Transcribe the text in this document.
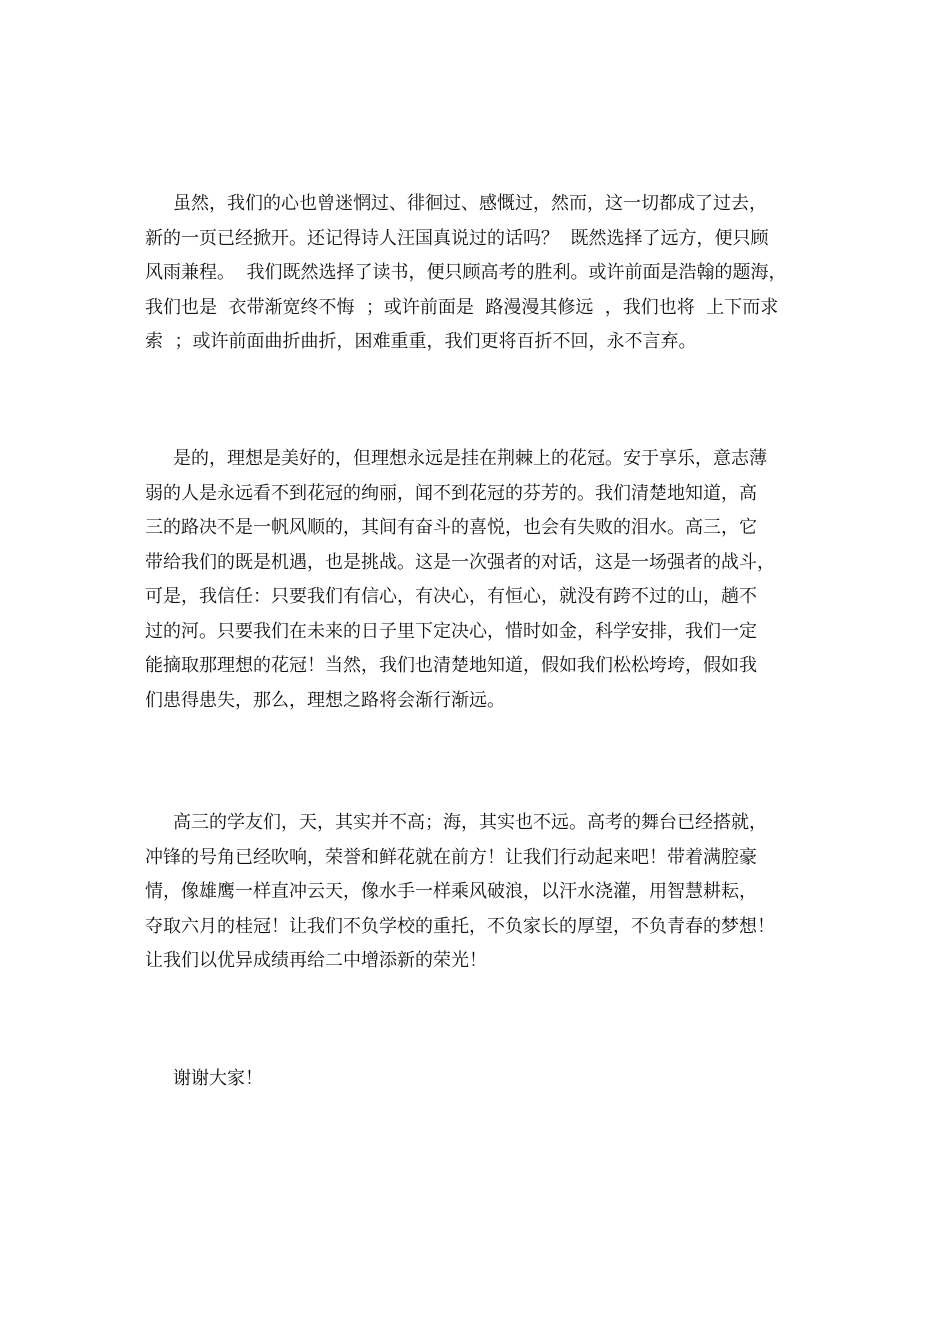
虽然，我们的心也曾迷惘过、徘徊过、感慨过，然而，这一切都成了过去，
新的一页已经掀开。还记得诗人汪国真说过的话吗？  既然选择了远方，便只顾
风雨兼程。  我们既然选择了读书，便只顾高考的胜利。或许前面是浩翰的题海，
我们也是  衣带渐宽终不悔  ；或许前面是  路漫漫其修远  ，我们也将  上下而求
索  ；或许前面曲折曲折，困难重重，我们更将百折不回，永不言弃。
是的，理想是美好的，但理想永远是挂在荆棘上的花冠。安于享乐，意志薄
弱的人是永远看不到花冠的绚丽，闻不到花冠的芬芳的。我们清楚地知道，高
三的路决不是一帆风顺的，其间有奋斗的喜悦，也会有失败的泪水。高三，它
带给我们的既是机遇，也是挑战。这是一次强者的对话，这是一场强者的战斗，
可是，我信任：只要我们有信心，有决心，有恒心，就没有跨不过的山，趟不
过的河。只要我们在未来的日子里下定决心，惜时如金，科学安排，我们一定
能摘取那理想的花冠！当然，我们也清楚地知道，假如我们松松垮垮，假如我
们患得患失，那么，理想之路将会渐行渐远。
高三的学友们，天，其实并不高；海，其实也不远。高考的舞台已经搭就，
冲锋的号角已经吹响，荣誉和鲜花就在前方！让我们行动起来吧！带着满腔豪
情，像雄鹰一样直冲云天，像水手一样乘风破浪，以汗水浇灌，用智慧耕耘，
夺取六月的桂冠！让我们不负学校的重托，不负家长的厚望，不负青春的梦想！
让我们以优异成绩再给二中增添新的荣光！
谢谢大家！
